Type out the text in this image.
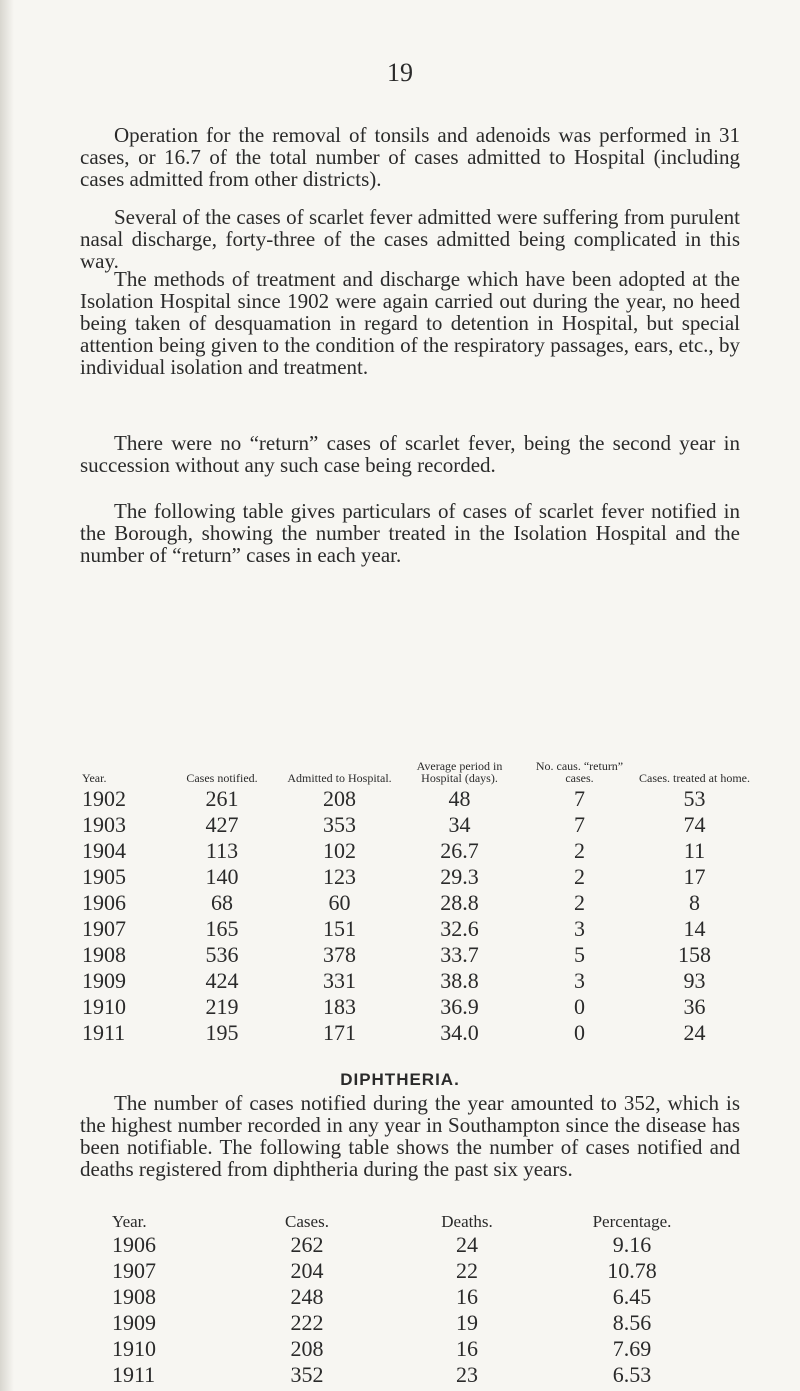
19

Operation for the removal of tonsils and adenoids was performed in 31 cases, or 16.7 of the total number of cases admitted to Hospital (including cases admitted from other districts).

Several of the cases of scarlet fever admitted were suffering from purulent nasal discharge, forty-three of the cases admitted being complicated in this way.

The methods of treatment and discharge which have been adopted at the Isolation Hospital since 1902 were again carried out during the year, no heed being taken of desquamation in regard to detention in Hospital, but special attention being given to the condition of the respiratory passages, ears, etc., by individual isolation and treatment.

There were no “return” cases of scarlet fever, being the second year in succession without any such case being recorded.

The following table gives particulars of cases of scarlet fever notified in the Borough, showing the number treated in the Isolation Hospital and the number of “return” cases in each year.

Year.	Cases notified.	Admitted to Hospital.	Average period in Hospital (days).	No. caus. “return” cases.	Cases. treated at home.
1902	261	208	48	7	53
1903	427	353	34	7	74
1904	113	102	26.7	2	11
1905	140	123	29.3	2	17
1906	68	60	28.8	2	8
1907	165	151	32.6	3	14
1908	536	378	33.7	5	158
1909	424	331	38.8	3	93
1910	219	183	36.9	0	36
1911	195	171	34.0	0	24
DIPHTHERIA.

The number of cases notified during the year amounted to 352, which is the highest number recorded in any year in Southampton since the disease has been notifiable. The following table shows the number of cases notified and deaths registered from diphtheria during the past six years.

Year.	Cases.	Deaths.	Percentage.
1906	262	24	9.16
1907	204	22	10.78
1908	248	16	6.45
1909	222	19	8.56
1910	208	16	7.69
1911	352	23	6.53
